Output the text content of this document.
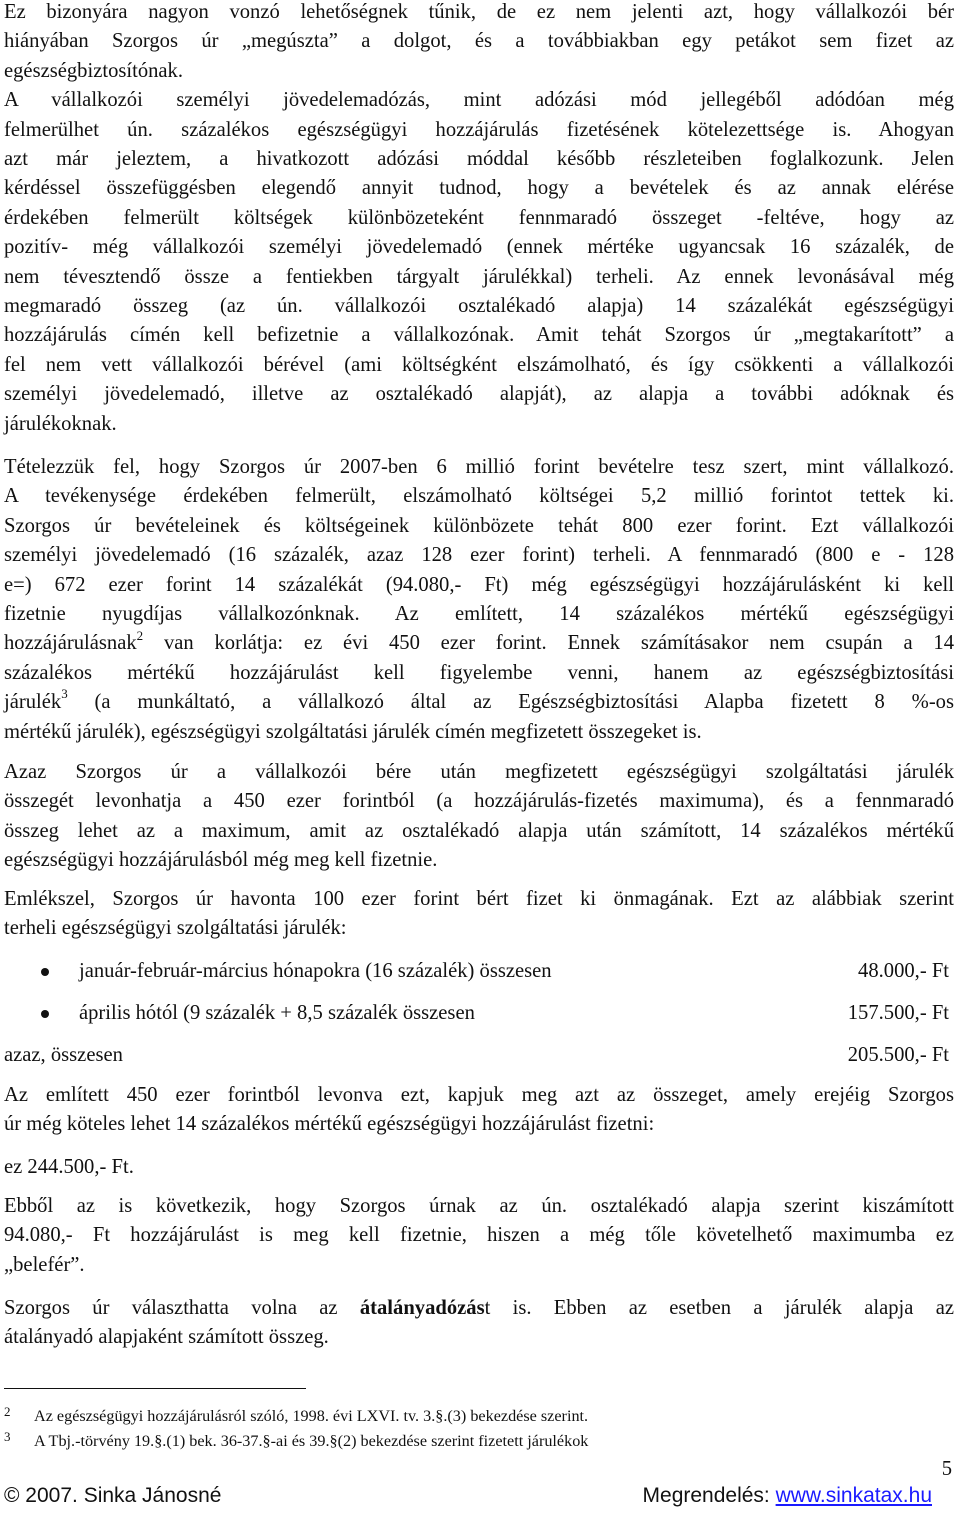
Ez bizonyára nagyon vonzó lehetőségnek tűnik, de ez nem jelenti azt, hogy vállalkozói bér
hiányában Szorgos úr „megúszta” a dolgot, és a továbbiakban egy petákot sem fizet az
egészségbiztosítónak.
A vállalkozói személyi jövedelemadózás, mint adózási mód jellegéből adódóan még
felmerülhet ún. százalékos egészségügyi hozzájárulás fizetésének kötelezettsége is. Ahogyan
azt már jeleztem, a hivatkozott adózási móddal később részleteiben foglalkozunk. Jelen
kérdéssel összefüggésben elegendő annyit tudnod, hogy a bevételek és az annak elérése
érdekében felmerült költségek különbözeteként fennmaradó összeget -feltéve, hogy az
pozitív- még vállalkozói személyi jövedelemadó (ennek mértéke ugyancsak 16 százalék, de
nem tévesztendő össze a fentiekben tárgyalt járulékkal) terheli. Az ennek levonásával még
megmaradó összeg (az ún. vállalkozói osztalékadó alapja) 14 százalékát egészségügyi
hozzájárulás címén kell befizetnie a vállalkozónak. Amit tehát Szorgos úr „megtakarított” a
fel nem vett vállalkozói bérével (ami költségként elszámolható, és így csökkenti a vállalkozói
személyi jövedelemadó, illetve az osztalékadó alapját), az alapja a további adóknak és
járulékoknak.

Tételezzük fel, hogy Szorgos úr 2007-ben 6 millió forint bevételre tesz szert, mint vállalkozó.
A tevékenysége érdekében felmerült, elszámolható költségei 5,2 millió forintot tettek ki.
Szorgos úr bevételeinek és költségeinek különbözete tehát 800 ezer forint. Ezt vállalkozói
személyi jövedelemadó (16 százalék, azaz 128 ezer forint) terheli. A fennmaradó (800 e - 128
e=) 672 ezer forint 14 százalékát (94.080,- Ft) még egészségügyi hozzájárulásként ki kell
fizetnie nyugdíjas vállalkozónknak. Az említett, 14 százalékos mértékű egészségügyi
hozzájárulásnak$^2$ van korlátja: ez évi 450 ezer forint. Ennek számításakor nem csupán a 14
százalékos mértékű hozzájárulást kell figyelembe venni, hanem az egészségbiztosítási
járulék$^3$ (a munkáltató, a vállalkozó által az Egészségbiztosítási Alapba fizetett 8 %-os
mértékű járulék), egészségügyi szolgáltatási járulék címén megfizetett összegeket is.

Azaz Szorgos úr a vállalkozói bére után megfizetett egészségügyi szolgáltatási járulék
összegét levonhatja a 450 ezer forintból (a hozzájárulás-fizetés maximuma), és a fennmaradó
összeg lehet az a maximum, amit az osztalékadó alapja után számított, 14 százalékos mértékű
egészségügyi hozzájárulásból még meg kell fizetnie.

Emlékszel, Szorgos úr havonta 100 ezer forint bért fizet ki önmagának. Ezt az alábbiak szerint
terheli egészségügyi szolgáltatási járulék:

január-február-március hónapokra (16 százalék) összesen	48.000,- Ft
április hótól (9 százalék + 8,5 százalék összesen	157.500,- Ft
azaz, összesen	205.500,- Ft

Az említett 450 ezer forintból levonva ezt, kapjuk meg azt az összeget, amely erejéig Szorgos
úr még köteles lehet 14 százalékos mértékű egészségügyi hozzájárulást fizetni:

ez 244.500,- Ft.

Ebből az is következik, hogy Szorgos úrnak az ún. osztalékadó alapja szerint kiszámított
94.080,- Ft hozzájárulást is meg kell fizetnie, hiszen a még tőle követelhető maximumba ez
„belefér”.

Szorgos úr választhatta volna az átalányadózást is. Ebben az esetben a járulék alapja az
átalányadó alapjaként számított összeg.

2 Az egészségügyi hozzájárulásról szóló, 1998. évi LXVI. tv. 3.§.(3) bekezdése szerint.
3 A Tbj.-törvény 19.§.(1) bek. 36-37.§-ai és 39.§(2) bekezdése szerint fizetett járulékok
5
© 2007. Sinka Jánosné	Megrendelés: www.sinkatax.hu
